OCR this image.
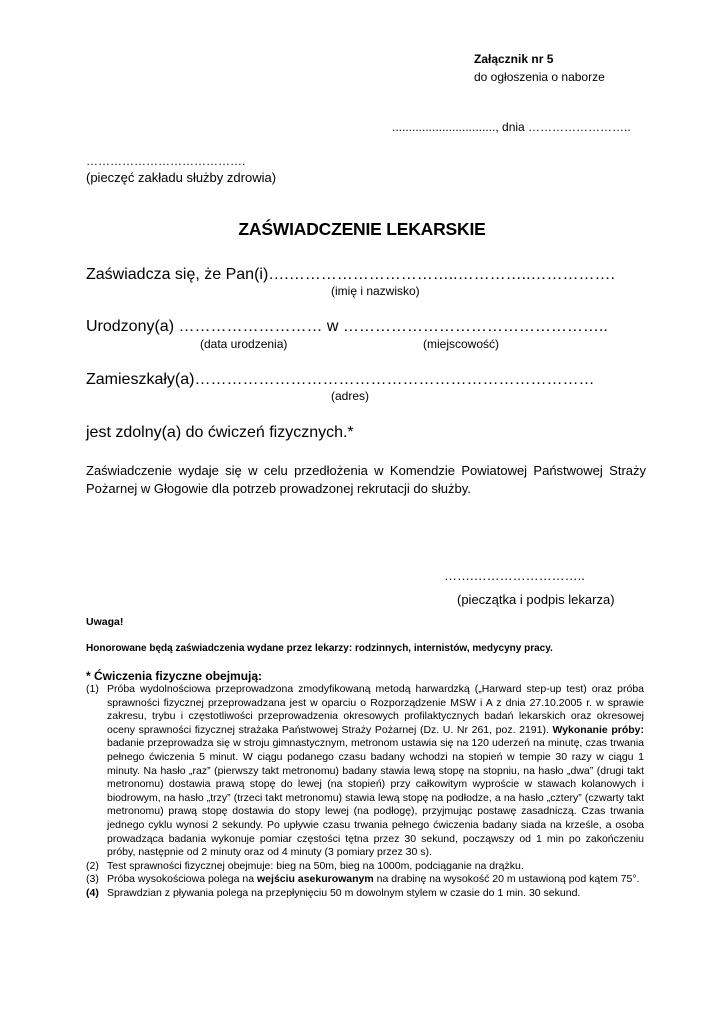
Załącznik nr 5
do ogłoszenia o naborze
..............................., dnia ……………………..
………………………………….
(pieczęć zakładu służby zdrowia)
ZAŚWIADCZENIE LEKARSKIE
Zaświadcza się, że Pan(i)….…………………………..…………..…………….
(imię i nazwisko)
Urodzony(a) ……………………… w …………………………………………..
(data urodzenia)	(miejscowość)
Zamieszkały(a)…………………………………………………………………
(adres)
jest zdolny(a) do ćwiczeń fizycznych.*
Zaświadczenie wydaje się w celu przedłożenia w Komendzie Powiatowej Państwowej Straży Pożarnej w Głogowie dla potrzeb prowadzonej rekrutacji do służby.
…….……………………..
(pieczątka i podpis lekarza)
Uwaga!
Honorowane będą zaświadczenia wydane przez lekarzy: rodzinnych, internistów, medycyny pracy.
* Ćwiczenia fizyczne obejmują:
(1) Próba wydolnościowa przeprowadzona zmodyfikowaną metodą harwardzką („Harward step-up test) oraz próba sprawności fizycznej przeprowadzana jest w oparciu o Rozporządzenie MSW i A z dnia 27.10.2005 r. w sprawie zakresu, trybu i częstotliwości przeprowadzenia okresowych profilaktycznych badań lekarskich oraz okresowej oceny sprawności fizycznej strażaka Państwowej Straży Pożarnej (Dz. U. Nr 261, poz. 2191). Wykonanie próby: badanie przeprowadza się w stroju gimnastycznym, metronom ustawia się na 120 uderzeń na minutę, czas trwania pełnego ćwiczenia 5 minut. W ciągu podanego czasu badany wchodzi na stopień w tempie 30 razy w ciągu 1 minuty. Na hasło „raz” (pierwszy takt metronomu) badany stawia lewą stopę na stopniu, na hasło „dwa” (drugi takt metronomu) dostawia prawą stopę do lewej (na stopień) przy całkowitym wyproście w stawach kolanowych i biodrowym, na hasło „trzy” (trzeci takt metronomu) stawia lewą stopę na podłodze, a na hasło „cztery” (czwarty takt metronomu) prawą stopę dostawia do stopy lewej (na podłogę), przyjmując postawę zasadniczą. Czas trwania jednego cyklu wynosi 2 sekundy. Po upływie czasu trwania pełnego ćwiczenia badany siada na krześle, a osoba prowadząca badania wykonuje pomiar częstości tętna przez 30 sekund, począwszy od 1 min po zakończeniu próby, następnie od 2 minuty oraz od 4 minuty (3 pomiary przez 30 s).
(2) Test sprawności fizycznej obejmuje: bieg na 50m, bieg na 1000m, podciąganie na drążku.
(3) Próba wysokościowa polega na wejściu asekurowanym na drabinę na wysokość 20 m ustawioną pod kątem 75°.
(4) Sprawdzian z pływania polega na przepłynięciu 50 m dowolnym stylem w czasie do 1 min. 30 sekund.
